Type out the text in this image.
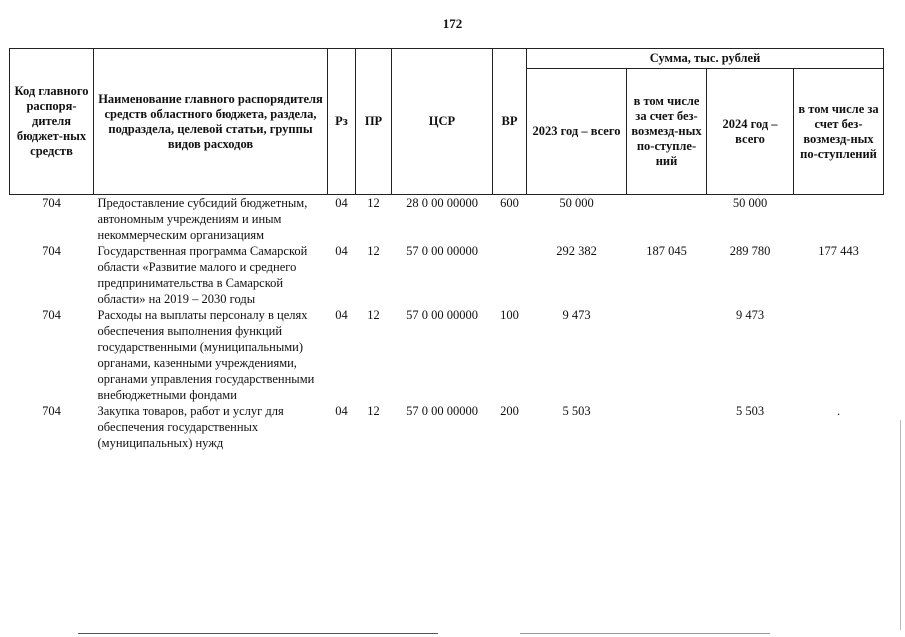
172
Код главного распоря-дителя бюджет-ных средств	Наименование главного распорядителя средств областного бюджета, раздела, подраздела, целевой статьи, группы видов расходов	Рз	ПР	ЦСР	ВР	Сумма, тыс. рублей			
						2023 год – всего	в том числе за счет без-возмезд-ных по-ступле-ний	2024 год – всего	в том числе за счет без-возмезд-ных по-ступлений
704	Предоставление субсидий бюджетным, автономным учреждениям и иным некоммерческим организациям	04	12	28 0 00 00000	600	50 000		50 000	
704	Государственная программа Самарской области «Развитие малого и среднего предпринимательства в Самарской области» на 2019 – 2030 годы	04	12	57 0 00 00000		292 382	187 045	289 780	177 443
704	Расходы на выплаты персоналу в целях обеспечения выполнения функций государственными (муниципальными) органами, казенными учреждениями, органами управления государственными внебюджетными фондами	04	12	57 0 00 00000	100	9 473		9 473	
704	Закупка товаров, работ и услуг для обеспечения государственных (муниципальных) нужд	04	12	57 0 00 00000	200	5 503		5 503	.
